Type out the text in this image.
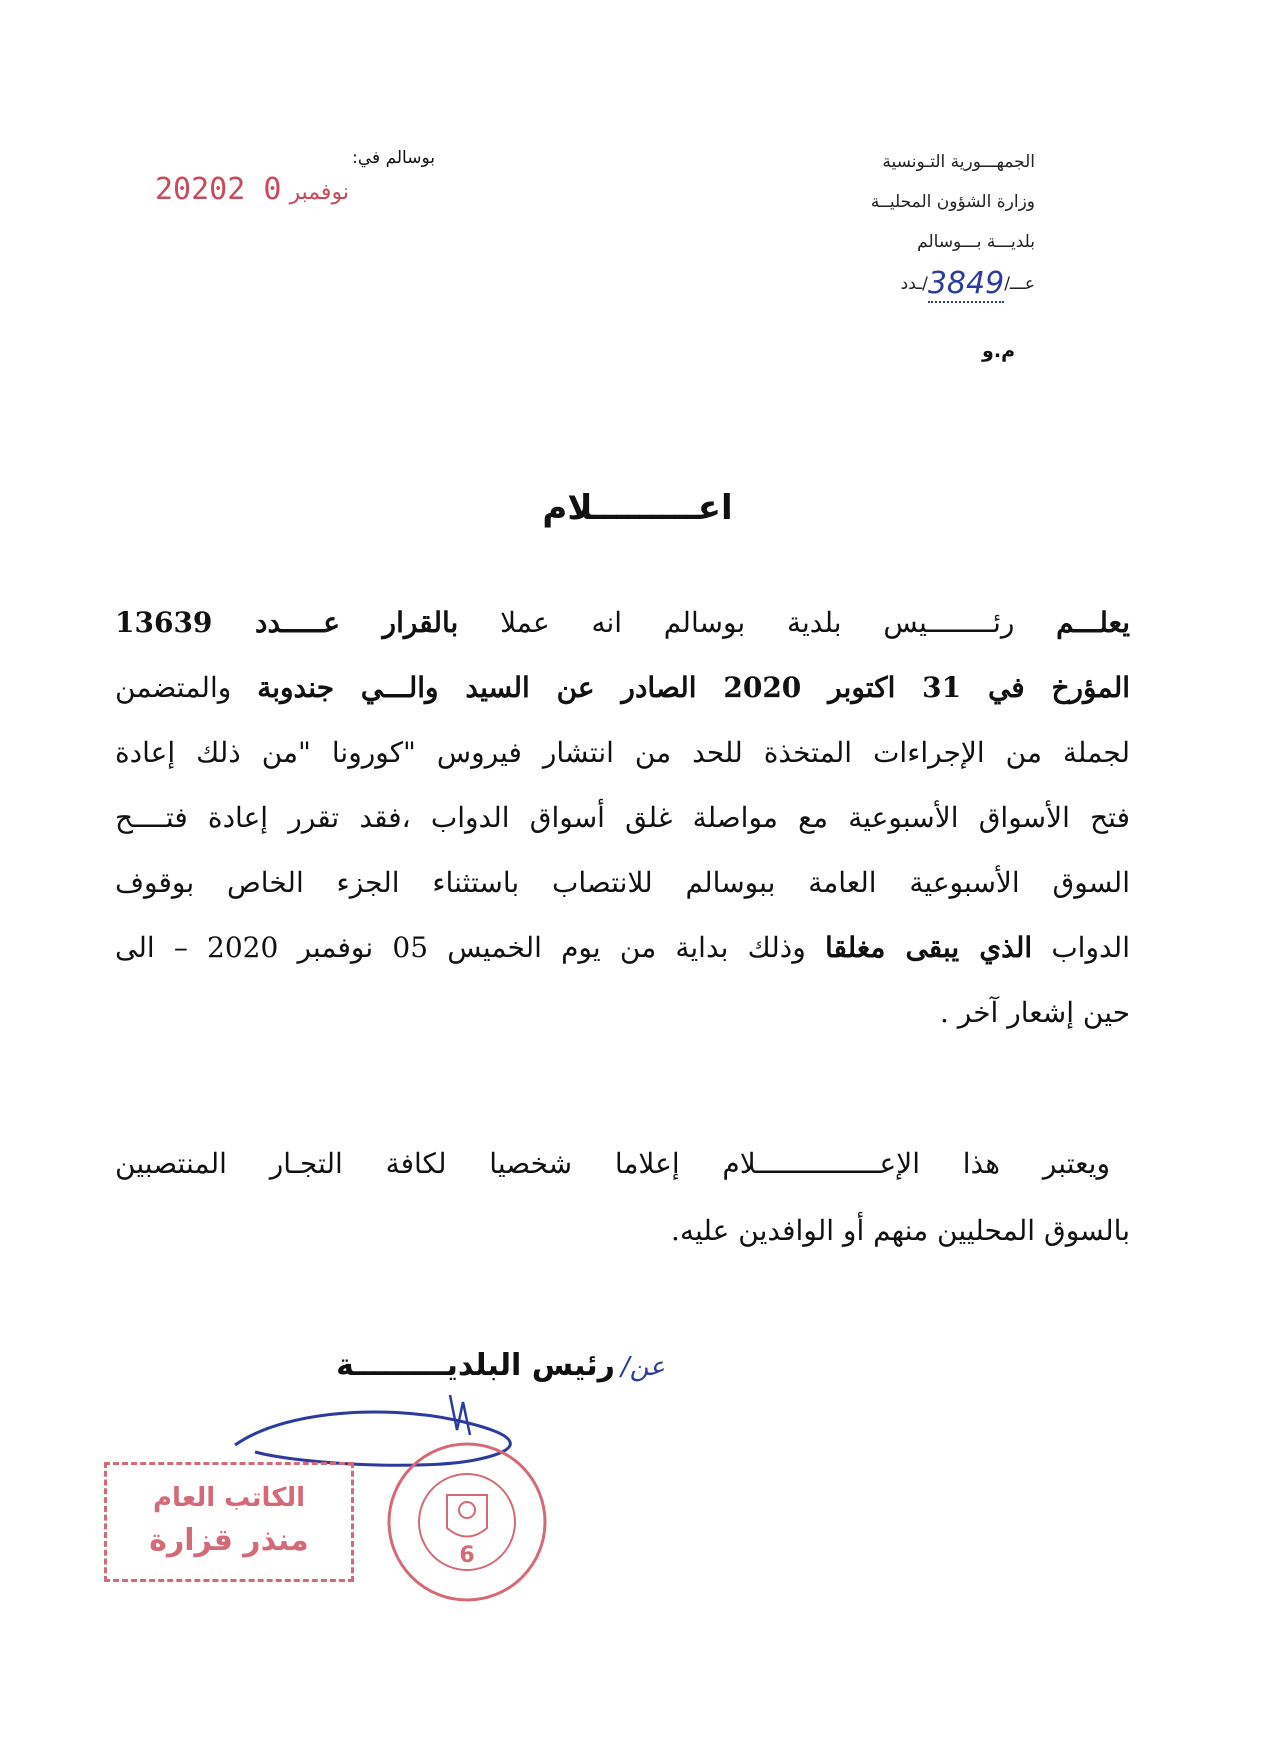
الجمهـــورية التـونسية
وزارة الشؤون المحليــة
بلديـــة بـــوسالم
عـــ/3849/ـدد
م.و
بوسالم في:
2020	نوفمبر0 2
اعـــــــــلام
يعلـــم رئــــــــيس بلدية بوسالم انه عملا بالقرار عـــــدد 13639
المؤرخ في 31 اكتوبر 2020 الصادر عن السيد والـــي جندوبة والمتضمن
لجملة من الإجراءات المتخذة للحد من انتشار فيروس "كورونا "من ذلك إعادة
فتح الأسواق الأسبوعية مع مواصلة غلق أسواق الدواب ،فقد تقرر إعادة فتــــح
السوق الأسبوعية العامة ببوسالم للانتصاب باستثناء الجزء الخاص بوقوف
الدواب الذي يبقى مغلقا وذلك بداية من يوم الخميس 05 نوفمبر 2020 – الى
حين إشعار آخر .
ويعتبر هذا الإعـــــــــــــــلام إعلاما شخصيا لكافة التجـار المنتصبين
بالسوق المحليين منهم أو الوافدين عليه.
عن/رئيس البلديـــــــــة
الكاتب العام
منذر قزارة	6
